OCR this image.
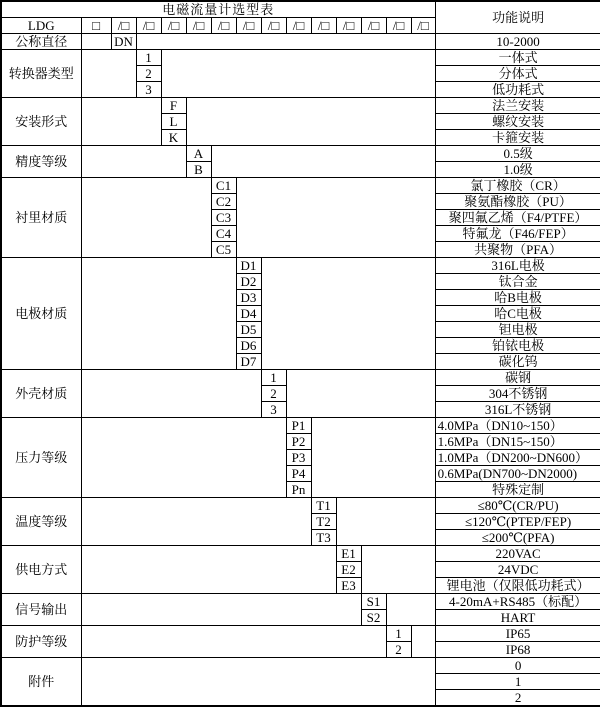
电磁流量计选型表															功能说明	
LDG	□	/□	/□	/□	/□	/□	/□	/□	/□	/□	/□	/□	/□	/□		
公称直径		DN													10-2000	
转换器类型			1												一体式	
			2												分体式	
			3												低功耗式	
安装形式				F											法兰安装	
				L											螺纹安装	
				K											卡箍安装	
精度等级					A										0.5级	
					B										1.0级	
衬里材质						C1									氯丁橡胶（CR）	
						C2									聚氨酯橡胶（PU）	
						C3									聚四氟乙烯（F4/PTFE）	
						C4									特氟龙（F46/FEP）	
						C5									共聚物（PFA）	
电极材质							D1								316L电极	
							D2								钛合金	
							D3								哈B电极	
							D4								哈C电极	
							D5								钽电极	
							D6								铂铱电极	
							D7								碳化钨	
外壳材质								1							碳钢	
								2							304不锈钢	
								3							316L不锈钢	
压力等级									P1						4.0MPa（DN10~150）	
									P2						1.6MPa（DN15~150）	
									P3						1.0MPa（DN200~DN600）	
									P4						0.6MPa(DN700~DN2000)	
									Pn						特殊定制	
温度等级										T1					≤80℃(CR/PU)	
										T2					≤120℃(PTEP/FEP)	
										T3					≤200℃(PFA)	
供电方式											E1				220VAC	
											E2				24VDC	
											E3				锂电池（仅限低功耗式）	
信号输出												S1			4-20mA+RS485（标配）	
												S2			HART	
防护等级													1		IP65	
													2		IP68	
附件															0	
															1	
															2	
